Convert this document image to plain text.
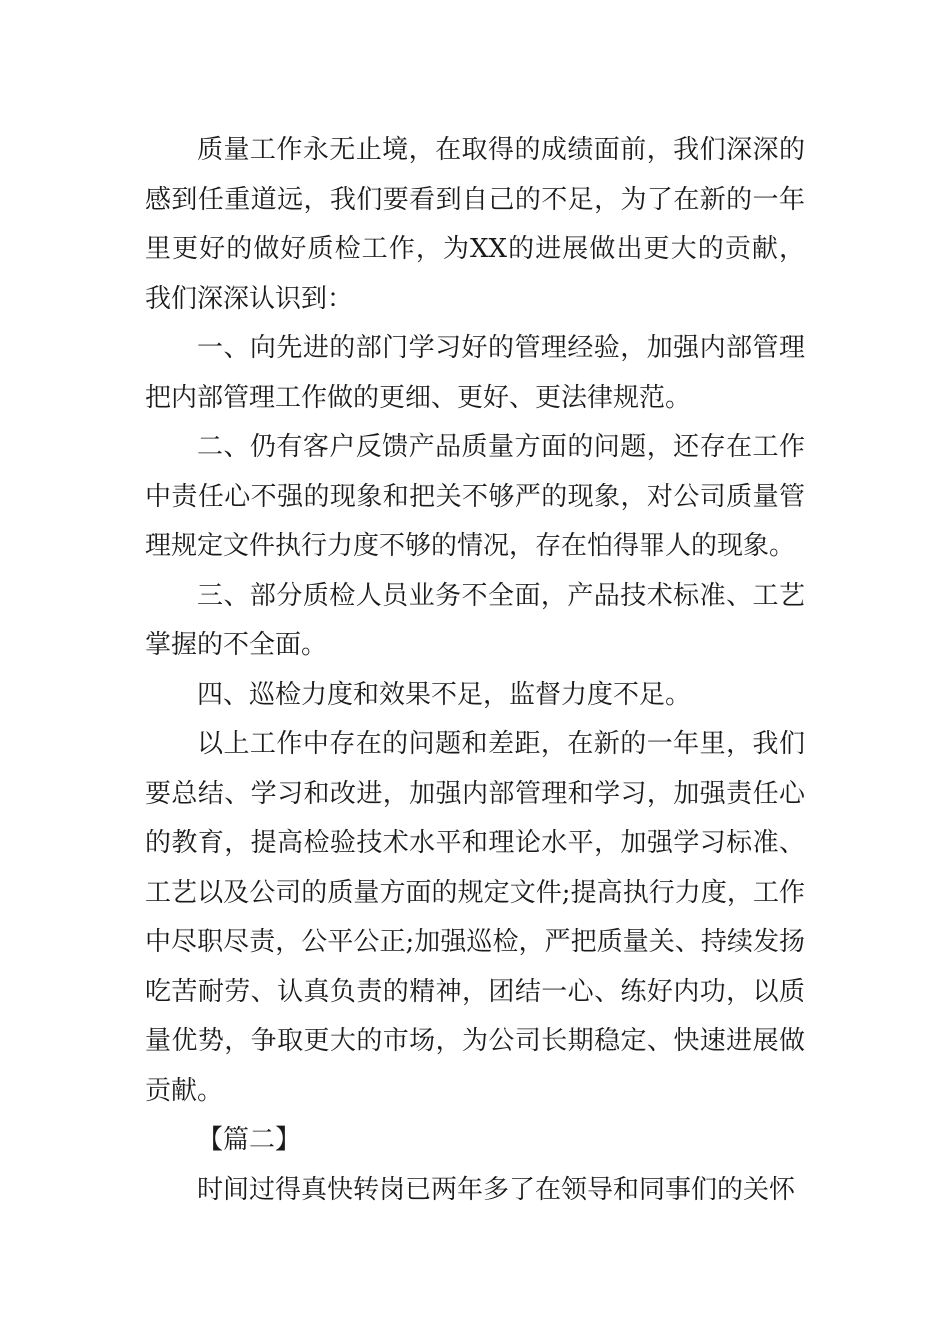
质量工作永无止境，在取得的成绩面前，我们深深的感到任重道远，我们要看到自己的不足，为了在新的一年里更好的做好质检工作，为XX的进展做出更大的贡献，我们深深认识到：

一、向先进的部门学习好的管理经验，加强内部管理把内部管理工作做的更细、更好、更法律规范。

二、仍有客户反馈产品质量方面的问题，还存在工作中责任心不强的现象和把关不够严的现象，对公司质量管理规定文件执行力度不够的情况，存在怕得罪人的现象。

三、部分质检人员业务不全面，产品技术标准、工艺掌握的不全面。

四、巡检力度和效果不足，监督力度不足。

以上工作中存在的问题和差距，在新的一年里，我们要总结、学习和改进，加强内部管理和学习，加强责任心的教育，提高检验技术水平和理论水平，加强学习标准、工艺以及公司的质量方面的规定文件;提高执行力度，工作中尽职尽责，公平公正;加强巡检，严把质量关、持续发扬吃苦耐劳、认真负责的精神，团结一心、练好内功，以质量优势，争取更大的市场，为公司长期稳定、快速进展做贡献。

【篇二】

时间过得真快转岗已两年多了在领导和同事们的关怀
